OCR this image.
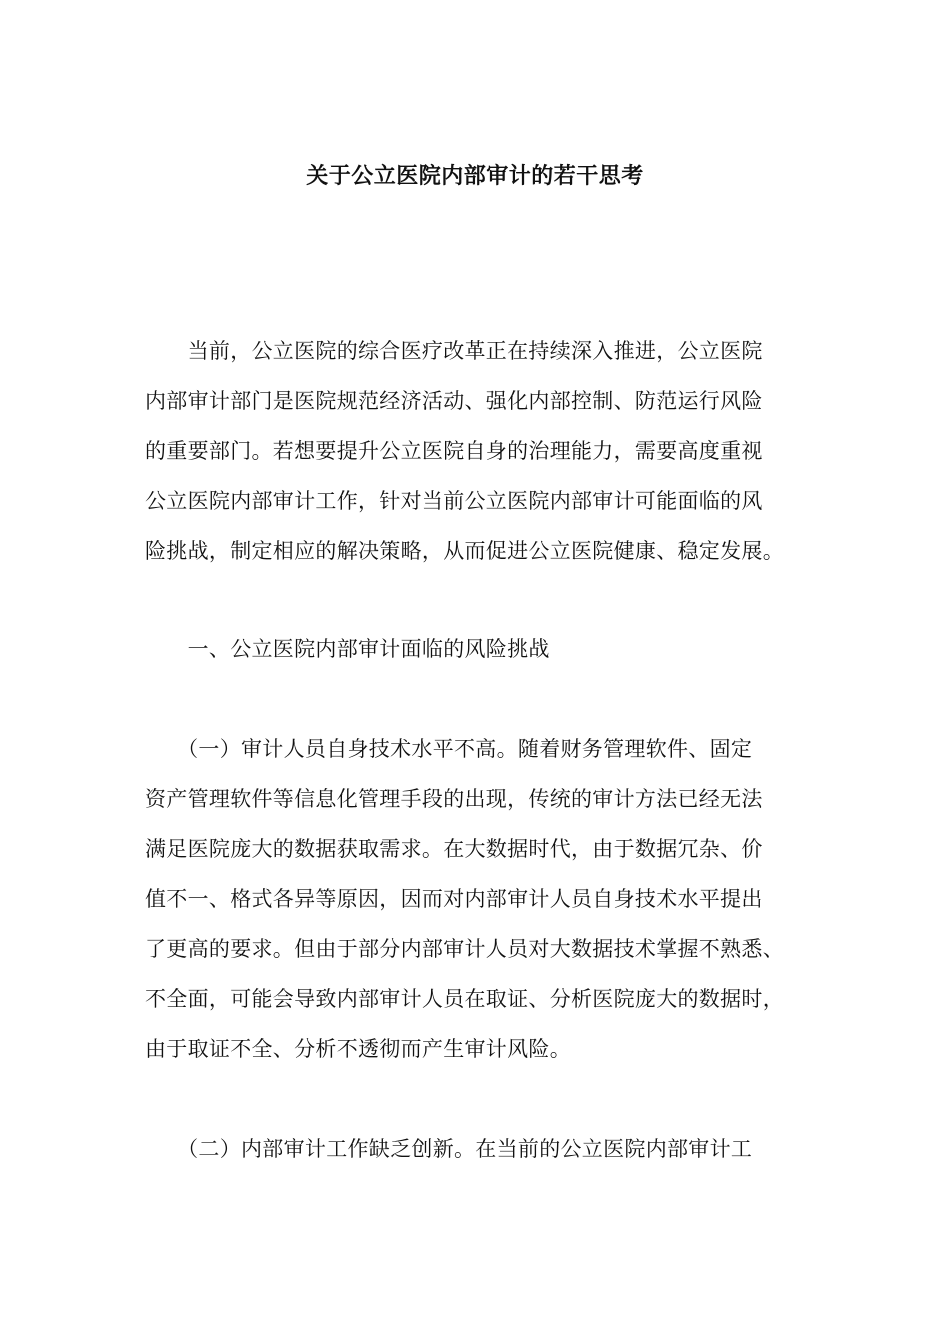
关于公立医院内部审计的若干思考
　　当前，公立医院的综合医疗改革正在持续深入推进，公立医院
内部审计部门是医院规范经济活动、强化内部控制、防范运行风险
的重要部门。若想要提升公立医院自身的治理能力，需要高度重视
公立医院内部审计工作，针对当前公立医院内部审计可能面临的风
险挑战，制定相应的解决策略，从而促进公立医院健康、稳定发展。
　　一、公立医院内部审计面临的风险挑战
　　（一）审计人员自身技术水平不高。随着财务管理软件、固定
资产管理软件等信息化管理手段的出现，传统的审计方法已经无法
满足医院庞大的数据获取需求。在大数据时代，由于数据冗杂、价
值不一、格式各异等原因，因而对内部审计人员自身技术水平提出
了更高的要求。但由于部分内部审计人员对大数据技术掌握不熟悉、
不全面，可能会导致内部审计人员在取证、分析医院庞大的数据时，
由于取证不全、分析不透彻而产生审计风险。
　　（二）内部审计工作缺乏创新。在当前的公立医院内部审计工
